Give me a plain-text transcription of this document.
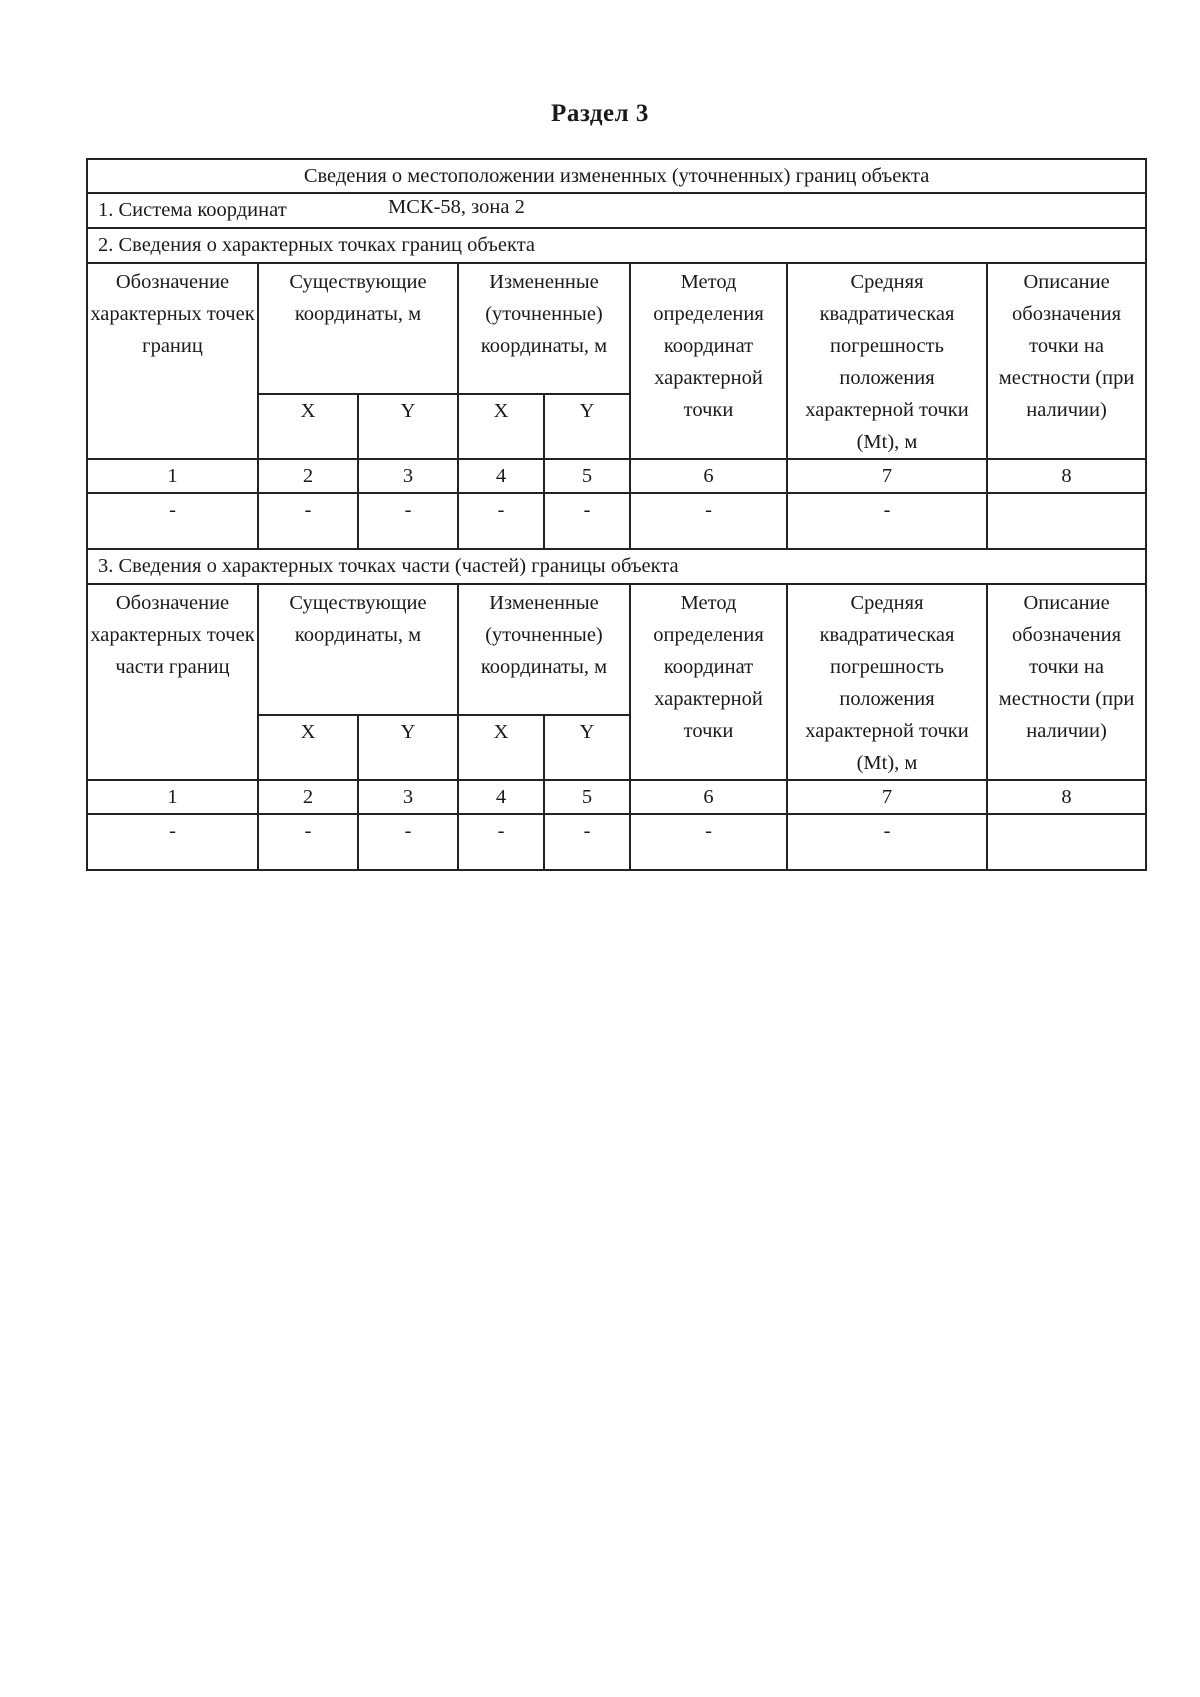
Раздел 3
Сведения о местоположении измененных (уточненных) границ объекта							
1. Система координат МСК-58, зона 2							
2. Сведения о характерных точках границ объекта							
Обозначение характерных точек границ	Существующие координаты, м		Измененные (уточненные) координаты, м		Метод определения координат характерной точки	Средняя квадратическая погрешность положения характерной точки (Mt), м	Описание обозначения точки на местности (при наличии)
	X	Y	X	Y			
1	2	3	4	5	6	7	8
-	-	-	-	-	-	-	
3. Сведения о характерных точках части (частей) границы объекта							
Обозначение характерных точек части границ	Существующие координаты, м		Измененные (уточненные) координаты, м		Метод определения координат характерной точки	Средняя квадратическая погрешность положения характерной точки (Mt), м	Описание обозначения точки на местности (при наличии)
	X	Y	X	Y			
1	2	3	4	5	6	7	8
-	-	-	-	-	-	-	
